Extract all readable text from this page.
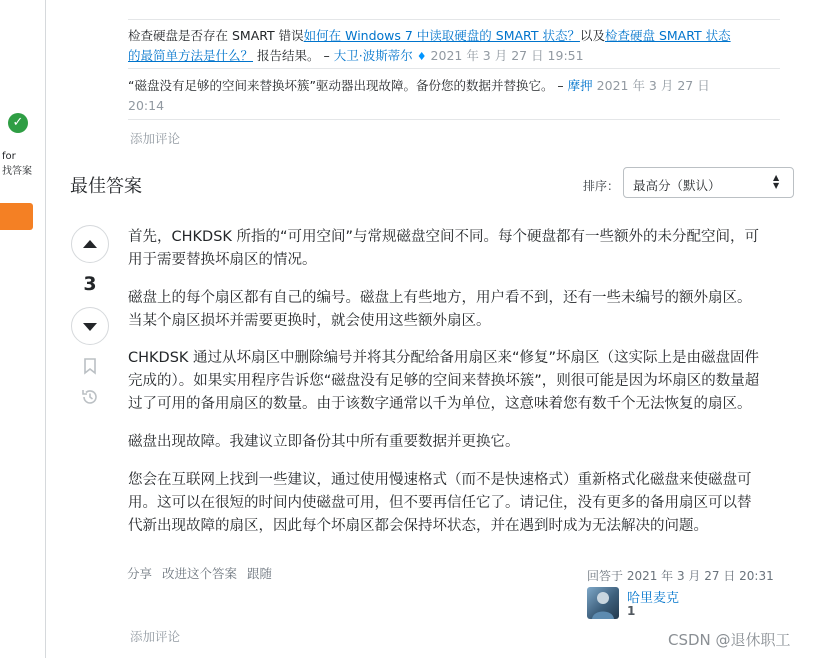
✓
for
找答案
检查硬盘是否存在 SMART 错误如何在 Windows 7 中读取硬盘的 SMART 状态？以及检查硬盘 SMART 状态
的最简单方法是什么？ 报告结果。 – 大卫·波斯蒂尔 ♦ 2021 年 3 月 27 日 19:51
“磁盘没有足够的空间来替换坏簇”驱动器出现故障。备份您的数据并替换它。 – 摩押 2021 年 3 月 27 日
20:14
添加评论
最佳答案	排序： 最高分（默认）
▲
▼
3
首先，CHKDSK 所指的“可用空间”与常规磁盘空间不同。每个硬盘都有一些额外的未分配空间，可
用于需要替换坏扇区的情况。
磁盘上的每个扇区都有自己的编号。磁盘上有些地方，用户看不到，还有一些未编号的额外扇区。
当某个扇区损坏并需要更换时，就会使用这些额外扇区。
CHKDSK 通过从坏扇区中删除编号并将其分配给备用扇区来“修复”坏扇区（这实际上是由磁盘固件
完成的）。如果实用程序告诉您“磁盘没有足够的空间来替换坏簇”，则很可能是因为坏扇区的数量超
过了可用的备用扇区的数量。由于该数字通常以千为单位，这意味着您有数千个无法恢复的扇区。
磁盘出现故障。我建议立即备份其中所有重要数据并更换它。
您会在互联网上找到一些建议，通过使用慢速格式（而不是快速格式）重新格式化磁盘来使磁盘可
用。这可以在很短的时间内使磁盘可用，但不要再信任它了。请记住，没有更多的备用扇区可以替
代新出现故障的扇区，因此每个坏扇区都会保持坏状态，并在遇到时成为无法解决的问题。
分享 改进这个答案 跟随	回答于 2021 年 3 月 27 日 20:31
哈里麦克
1
添加评论	CSDN @退休职工
